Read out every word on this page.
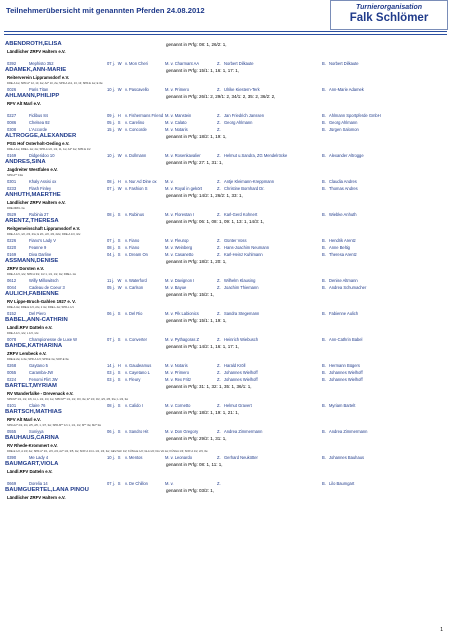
Teilnehmerübersicht mit genannten Pferden 24.08.2012	Turnierorganisation
Falk Schlömer
ABENDROTH,ELISA
Ländlicher ZRFV Haltern e.V.
genannt in Prfg: 08: 1, 26/2: 1,
0392	Mephisto 352	07 j. W v. Mon Cheri	Z. Norbert Dilkaute	B. Norbert Dilkaute
M. v. Charmant AA
ADAMEK,ANN-MARIE
Reiterverein Lippramsdorf e.V.
genannt in Prfg: 15/1: 1, 16: 1, 17: 1,
DRE-A 1w; SPR-A* 12, 13, 4w; A2* 10, 2w; SPR-A 2x1, 13, 13; SPR-E 1w; E 3w
0026	Paris Titan	10 j. W v. Pascavello	Z. Ulrike Kiestern-Terk	B. Ann-Marie Adamek
M. v. Primero
AHLMANN,PHILIPP
RFV Alt Marl e.V.
genannt in Prfg: 26/1: 2, 29/1: 2, 34/1: 2, 35: 2, 36/2: 2,
0227	Fidibus 84	09 j. H v. Fishermans Friend	Z. Jan Friedrich Janssen	B. Ahlmann Sportpferde GmbH
M. v. Manstein
0086	Chelsea 92	05 j. S v. Carelino	Z. Georg Ahlmann	B. Georg Ahlmann
M. v. Calato
0308	L'Accorde	15 j. W v. Concorde	Z.	B. Jürgen Salomon
M. v. Notaris
ALTROGGE,ALEXANDER
PSG Hof Osterholt-Oeding e.V.
genannt in Prfg: 18/2: 1, 19: 1,
DRE-A 1w; DRE-L 1w; 2w; SPR-A 1/2, 1/2, 11, 1w; A2* 4w; SPR-E 1/2
0169	Didgeridoo 10	10 j. W v. Dollmann	Z. Helmut u.Sandra, ZG Mendelröcke	B. Alexander Altrogge
M. v. Rosenkavalier
ANDRES,SINA
Jagdreiter Westfalen e.V.
genannt in Prfg: 27: 1, 31: 1,
SPR-A** 13w
0301	Khaly Assisi ox	08 j. H v. Nur Ad Dine ox	Z. Antje Kleimann-Kreppmann	B. Claudia Andres
M. v.
0233	Flash Finley	07 j. W v. Fashion S	Z. Christine Bornhard Dr.	B. Thomas Andres
M. v. Royal in gekört
ANHUTH,MAERTHE
Ländlicher ZRFV Haltern e.V.
genannt in Prfg: 14/2: 1, 26/2: 1, 33: 1,
DRE-DRFL 1w
0529	Rubinia 27	08 j. S v. Rubinus	Z. Karl-Gerd Kohnert	B. Wiebke Anhuth
M. v. Florestan I
ARENTZ,THERESA
Reitgemeinschaft Lippramsdorf e.V.
genannt in Prfg: 06: 1, 08: 1, 09: 1, 13: 1, 14/3: 1,
DRE-A 1/1, 1/2, 2/3, 2/w; E 2/1, 2/2, 4/3, 22w; DRE-A 1/3, 3/w
0226	Fiano's Lady V	07 j. S v. Fiano	Z. Günter Voss	B. Hendrik Arentz
M. v. Fleurop
0220	Feanne 9	08 j. S v. Fiano	Z. Hans-Joachim Neumann	B. Anne Beltig
M. v. Weinberg
0169	Diva Darline	04 j. S v. Dream On	Z. Karl-Heinz Kuhlmann	B. Theresa Arentz
M. v. Casanetto
ASSMANN,DENISE
ZRFV Dorsten e.V.
genannt in Prfg: 18/2: 1, 20: 1,
DRE-A 1/3, 1/w; SPR-A 3/2, 1/2 1, 1/1, 1/2, 3w; DRE-L 1w
0612	Willy Millowitsch	11 j. W v. Waterford	Z. Wilhelm Klausing	B. Denise Altmann
M. v. Davignon I
0044	Cadeau de Coeur 3	05 j. W v. Carlson	Z. Joachim Thiemann	B. Andrea Schumacher
M. v. Bayue
AULICH,FABIENNE
RV Lippe-Bruch-Gahlen 1927 e. V.
genannt in Prfg: 15/2: 1,
DRE-A 4w; DRE-E 1/3, 2/w, 2 4w; DRE-L 4w; SPR-L 1/1
0152	Del Piero	06 j. S v. Del Rio	Z. Sandra Stegemann	B. Fabienne Aulich
M. v. Pik Labionics
BABEL,ANN-CATHRIN
Ländl.RFV Datteln e.V.
genannt in Prfg: 15/1: 1, 19: 1,
DRE-A 1/1, 1/w; L 1/3, 1/w
0078	Championesse de Luxe W	07 j. S v. Converter	Z. Heinrich Wiebusch	B. Ann-Cathrin Babel
M. v. Pythagoras Z
BAHDE,KATHARINA
ZRFV Lembeck e.V.
genannt in Prfg: 14/2: 1, 16: 1, 17: 1,
DRE-E 2w; A 4w; SPR-A 1/3; SPR-E 1w; SOP-E 3w
0268	Gaytano 5	14 j. H v. Gaudeamus	Z. Harald Kröll	B. Hermann Bügers
M. v. Notaris
0055	Caramba-JW	03 j. S v. Cayetano L	Z. Johannes Wielhoff	B. Johannes Wielhoff
M. v. Primero
0224	Fenomi Flirt JW	03 j. S v. Fleury	Z. Johannes Wielhoff	B. Johannes Wielhoff
M. v. Rex Fritz
BARTELT,MYRIAM
RV Wanderfalke - Drevenack e.V.
genannt in Prfg: 31: 1, 32: 1, 35: 1, 36/1: 1,
SPR-M* 1/1, 1/2, 1/6, 11, L 1/2, 1/3, 1w; SPR-M** 1/1, 1/2, 3/3, 3w; E* 1/3, 3/2, 4/3, 4/5, 3/w; L 1/3, 3w
0101	Claire 76	08 j. S v. Calido I	Z. Helmut Gravert	B. Myriam Bartelt
M. v. Cornetto
BARTSCH,MATHIAS
RFV Alt Marl e.V.
genannt in Prfg: 18/2: 1, 19: 1, 21: 1,
SPR-A2* 2/2, 2/4, 2/5, 2/6, 1, 3/7, 3w; SPR-M** 1/1 1, 1/1, 1/2, M** 3w; M2* 3w
0555	Soniyya	06 j. S v. Sandro Hit	Z. Andrea Zimmermann	B. Andrea Zimmermann
M. v. Don Gregory
BAUHAUS,CARINA
RV Rhede-Krommert e.V.
genannt in Prfg: 29/2: 1, 31: 1,
DRE-E 1/2, A 1/3; 4w; SPR-A* 2/1, 2/3, 2/4, A2* 1/2, 3/5, 3w; SOP-A 1/4 L 1/2, 1/3, 3w; GEV-SLF 1/2; KÜSG-E 1/2; GLA 1/2; Dre VA 1w; KÜSGA 1/3; SOP-A 1/2, 2/3, 3w
0390	Me Lady 4	10 j. S v. Mentos	Z. Gerhard Neukötter	B. Johannes Bauhaus
M. v. Leonardo
BAUMGART,VIOLA
Ländl.RFV Datteln e.V.
genannt in Prfg: 08: 1, 11: 1,
0669	Dorelia 14	07 j. S v. De Chillon	Z.	B. Lilo Baumgart
M. v.
BAUMGUERTEL,LANA PINOU
Ländlicher ZRFV Haltern e.V.
genannt in Prfg: 03/2: 1,
1
